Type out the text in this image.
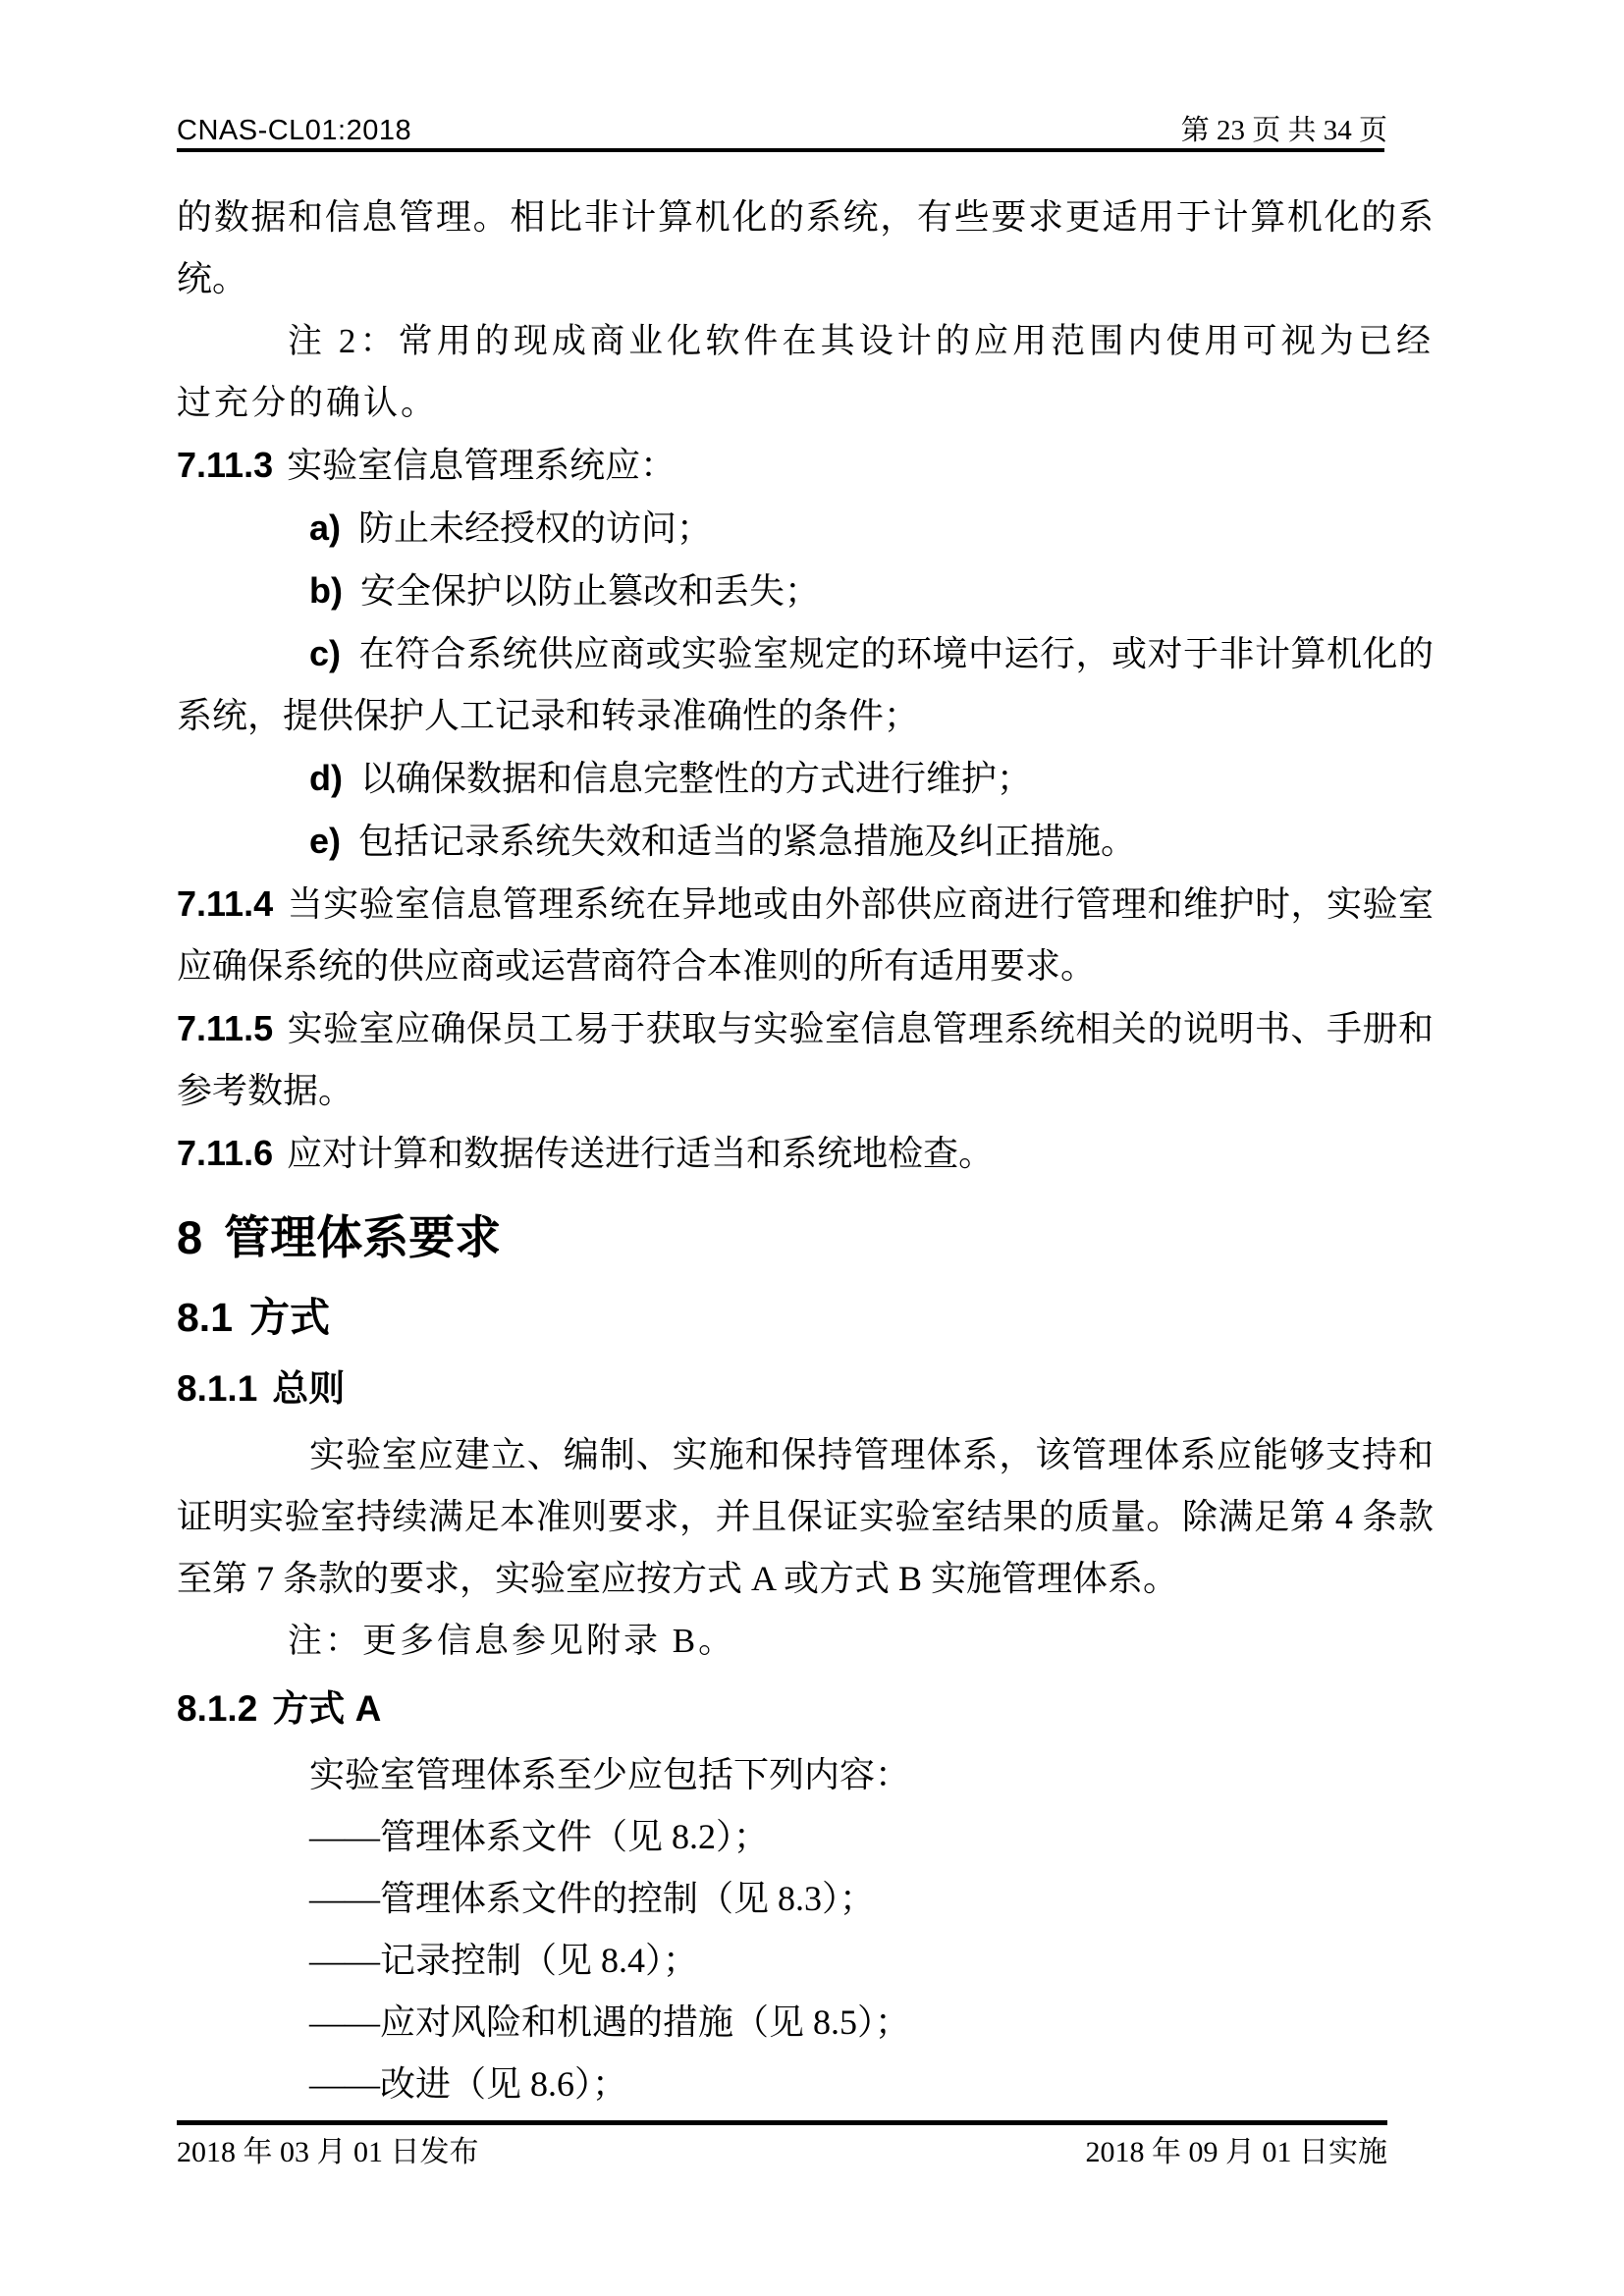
CNAS-CL01:2018	第 23 页 共 34 页

的数据和信息管理。相比非计算机化的系统，有些要求更适用于计算机化的系统。

注 2：常用的现成商业化软件在其设计的应用范围内使用可视为已经过充分的确认。

7.11.3 实验室信息管理系统应：

a) 防止未经授权的访问；

b) 安全保护以防止篡改和丢失；

c) 在符合系统供应商或实验室规定的环境中运行，或对于非计算机化的系统，提供保护人工记录和转录准确性的条件；

d) 以确保数据和信息完整性的方式进行维护；

e) 包括记录系统失效和适当的紧急措施及纠正措施。

7.11.4 当实验室信息管理系统在异地或由外部供应商进行管理和维护时，实验室应确保系统的供应商或运营商符合本准则的所有适用要求。

7.11.5 实验室应确保员工易于获取与实验室信息管理系统相关的说明书、手册和参考数据。

7.11.6 应对计算和数据传送进行适当和系统地检查。

8 管理体系要求
8.1 方式
8.1.1 总则

实验室应建立、编制、实施和保持管理体系，该管理体系应能够支持和证明实验室持续满足本准则要求，并且保证实验室结果的质量。除满足第 4 条款至第 7 条款的要求，实验室应按方式 A 或方式 B 实施管理体系。

注：更多信息参见附录 B。

8.1.2 方式 A

实验室管理体系至少应包括下列内容：

——管理体系文件（见 8.2）；

——管理体系文件的控制（见 8.3）；

——记录控制（见 8.4）；

——应对风险和机遇的措施（见 8.5）；

——改进（见 8.6）；

2018 年 03 月 01 日发布	2018 年 09 月 01 日实施
